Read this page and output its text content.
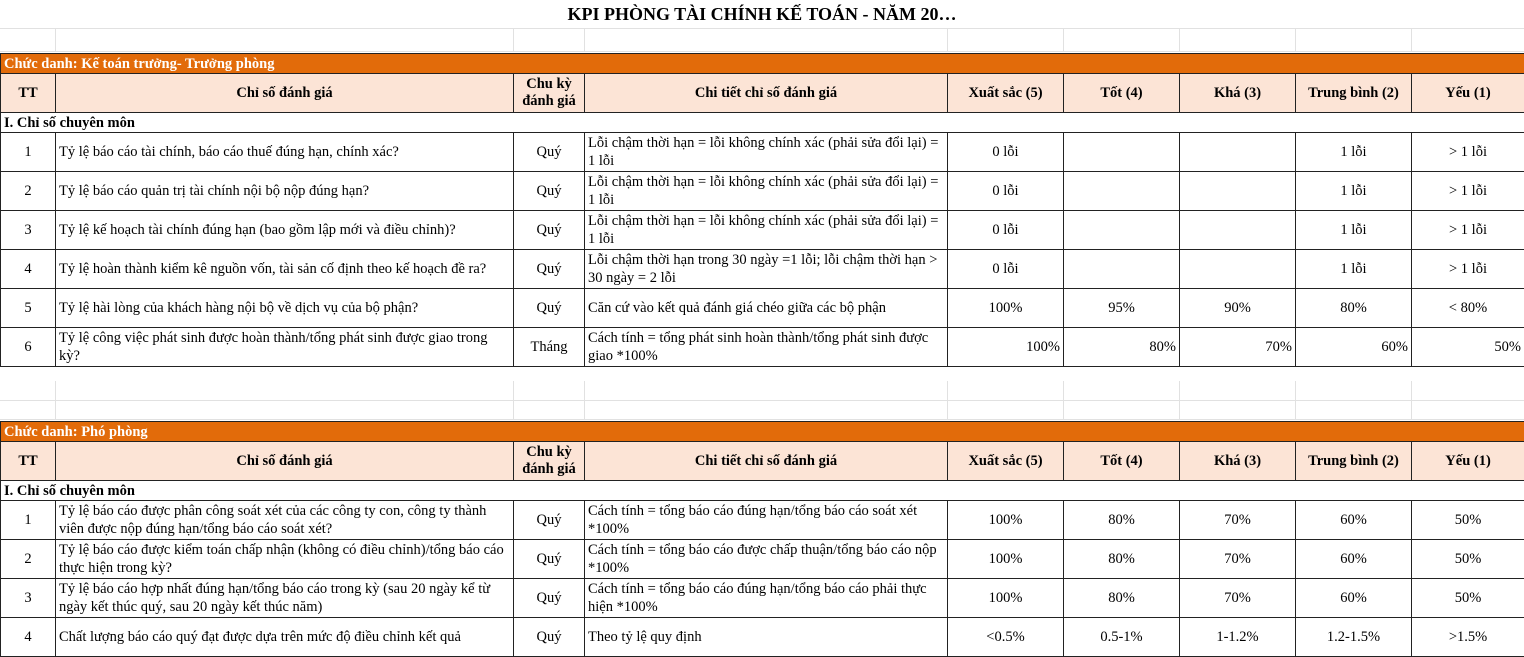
KPI PHÒNG TÀI CHÍNH KẾ TOÁN - NĂM 20…
Chức danh: Kế toán trưởng- Trưởng phòng								
TT	Chỉ số đánh giá	Chu kỳ đánh giá	Chi tiết chỉ số đánh giá	Xuất sắc (5)	Tốt (4)	Khá (3)	Trung bình (2)	Yếu (1)
I. Chỉ số chuyên môn								
1	Tỷ lệ báo cáo tài chính, báo cáo thuế đúng hạn, chính xác?	Quý	Lỗi chậm thời hạn = lỗi không chính xác (phải sửa đổi lại) = 1 lỗi	0 lỗi			1 lỗi	> 1 lỗi
2	Tỷ lệ báo cáo quản trị tài chính nội bộ nộp đúng hạn?	Quý	Lỗi chậm thời hạn = lỗi không chính xác (phải sửa đổi lại) = 1 lỗi	0 lỗi			1 lỗi	> 1 lỗi
3	Tỷ lệ kế hoạch tài chính đúng hạn (bao gồm lập mới và điều chỉnh)?	Quý	Lỗi chậm thời hạn = lỗi không chính xác (phải sửa đổi lại) = 1 lỗi	0 lỗi			1 lỗi	> 1 lỗi
4	Tỷ lệ hoàn thành kiểm kê nguồn vốn, tài sản cố định theo kế hoạch đề ra?	Quý	Lỗi chậm thời hạn trong 30 ngày =1 lỗi; lỗi chậm thời hạn > 30 ngày = 2 lỗi	0 lỗi			1 lỗi	> 1 lỗi
5	Tỷ lệ hài lòng của khách hàng nội bộ về dịch vụ của bộ phận?	Quý	Căn cứ vào kết quả đánh giá chéo giữa các bộ phận	100%	95%	90%	80%	< 80%
6	Tỷ lệ công việc phát sinh được hoàn thành/tổng phát sinh được giao trong kỳ?	Tháng	Cách tính = tổng phát sinh hoàn thành/tổng phát sinh được giao *100%	100%	80%	70%	60%	50%
Chức danh: Phó phòng								
TT	Chỉ số đánh giá	Chu kỳ đánh giá	Chi tiết chỉ số đánh giá	Xuất sắc (5)	Tốt (4)	Khá (3)	Trung bình (2)	Yếu (1)
I. Chỉ số chuyên môn								
1	Tỷ lệ báo cáo được phân công soát xét của các công ty con, công ty thành viên được nộp đúng hạn/tổng báo cáo soát xét?	Quý	Cách tính = tổng báo cáo đúng hạn/tổng báo cáo soát xét *100%	100%	80%	70%	60%	50%
2	Tỷ lệ báo cáo được kiểm toán chấp nhận (không có điều chỉnh)/tổng báo cáo thực hiện trong kỳ?	Quý	Cách tính = tổng báo cáo được chấp thuận/tổng báo cáo nộp *100%	100%	80%	70%	60%	50%
3	Tỷ lệ báo cáo hợp nhất đúng hạn/tổng báo cáo trong kỳ (sau 20 ngày kể từ ngày kết thúc quý, sau 20 ngày kết thúc năm)	Quý	Cách tính = tổng báo cáo đúng hạn/tổng báo cáo phải thực hiện *100%	100%	80%	70%	60%	50%
4	Chất lượng báo cáo quý đạt được dựa trên mức độ điều chỉnh kết quả	Quý	Theo tỷ lệ quy định	<0.5%	0.5-1%	1-1.2%	1.2-1.5%	>1.5%
